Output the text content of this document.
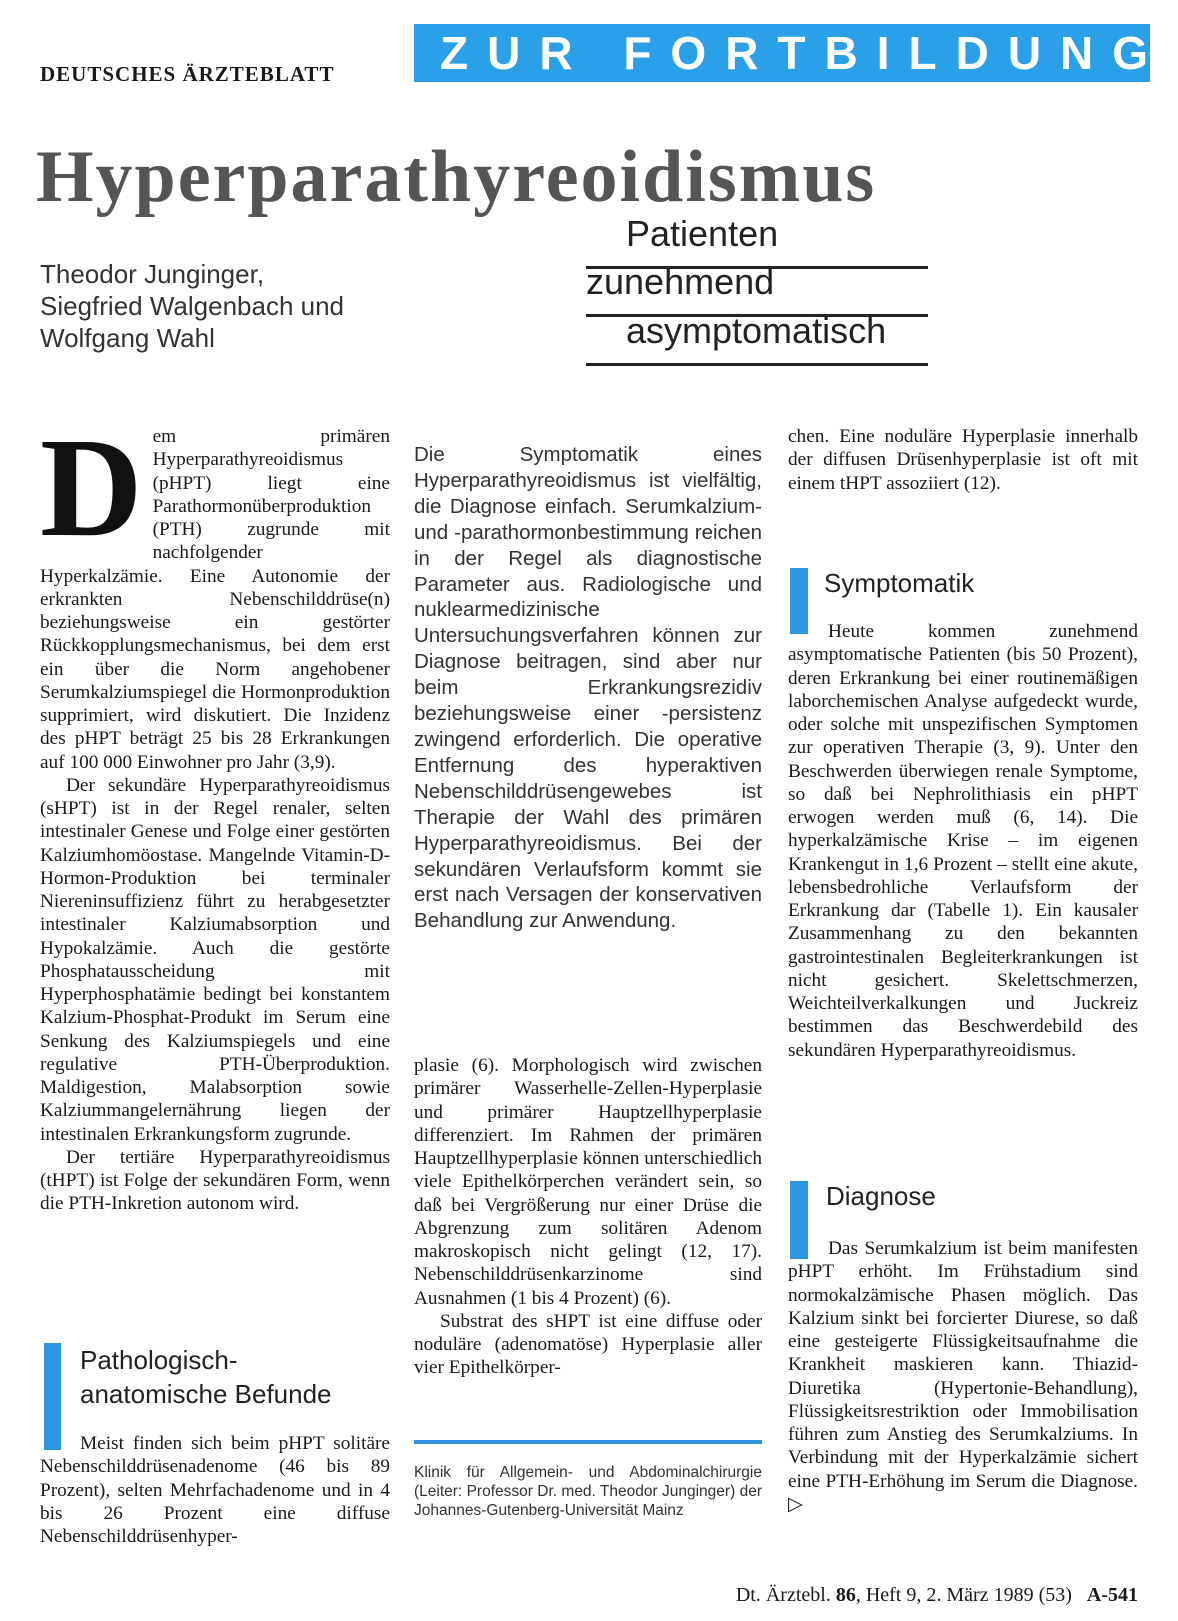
DEUTSCHES ÄRZTEBLATT ZUR FORTBILDUNG
Hyperparathyreoidismus
Theodor Junginger,
Siegfried Walgenbach und
Wolfgang Wahl
Patienten
zunehmend
asymptomatisch

Dem primären Hyperparathyreoidismus (pHPT) liegt eine Parathormonüberproduktion (PTH) zugrunde mit nachfolgender Hyperkalzämie. Eine Autonomie der erkrankten Nebenschilddrüse(n) beziehungsweise ein gestörter Rückkopplungsmechanismus, bei dem erst ein über die Norm angehobener Serumkalziumspiegel die Hormonproduktion supprimiert, wird diskutiert. Die Inzidenz des pHPT beträgt 25 bis 28 Erkrankungen auf 100 000 Einwohner pro Jahr (3,9).

Der sekundäre Hyperparathyreoidismus (sHPT) ist in der Regel renaler, selten intestinaler Genese und Folge einer gestörten Kalziumhomöostase. Mangelnde Vitamin-D-Hormon-Produktion bei terminaler Niereninsuffizienz führt zu herabgesetzter intestinaler Kalziumabsorption und Hypokalzämie. Auch die gestörte Phosphatausscheidung mit Hyperphosphatämie bedingt bei konstantem Kalzium-Phosphat-Produkt im Serum eine Senkung des Kalziumspiegels und eine regulative PTH-Überproduktion. Maldigestion, Malabsorption sowie Kalziummangelernährung liegen der intestinalen Erkrankungsform zugrunde.

Der tertiäre Hyperparathyreoidismus (tHPT) ist Folge der sekundären Form, wenn die PTH-Inkretion autonom wird.

Pathologisch-
anatomische Befunde
Meist finden sich beim pHPT solitäre Nebenschilddrüsenadenome (46 bis 89 Prozent), selten Mehrfachadenome und in 4 bis 26 Prozent eine diffuse Nebenschilddrüsenhyper-
Die Symptomatik eines Hyperparathyreoidismus ist vielfältig, die Diagnose einfach. Serumkalzium- und -parathormonbestimmung reichen in der Regel als diagnostische Parameter aus. Radiologische und nuklearmedizinische Untersuchungsverfahren können zur Diagnose beitragen, sind aber nur beim Erkrankungsrezidiv beziehungsweise einer -persistenz zwingend erforderlich. Die operative Entfernung des hyperaktiven Nebenschilddrüsengewebes ist Therapie der Wahl des primären Hyperparathyreoidismus. Bei der sekundären Verlaufsform kommt sie erst nach Versagen der konservativen Behandlung zur Anwendung.

plasie (6). Morphologisch wird zwischen primärer Wasserhelle-Zellen-Hyperplasie und primärer Hauptzellhyperplasie differenziert. Im Rahmen der primären Hauptzellhyperplasie können unterschiedlich viele Epithelkörperchen verändert sein, so daß bei Vergrößerung nur einer Drüse die Abgrenzung zum solitären Adenom makroskopisch nicht gelingt (12, 17). Nebenschilddrüsenkarzinome sind Ausnahmen (1 bis 4 Prozent) (6).

Substrat des sHPT ist eine diffuse oder noduläre (adenomatöse) Hyperplasie aller vier Epithelkörper-

Klinik für Allgemein- und Abdominalchirurgie (Leiter: Professor Dr. med. Theodor Junginger) der Johannes-Gutenberg-Universität Mainz
chen. Eine noduläre Hyperplasie innerhalb der diffusen Drüsenhyperplasie ist oft mit einem tHPT assoziiert (12).
Symptomatik
Heute kommen zunehmend asymptomatische Patienten (bis 50 Prozent), deren Erkrankung bei einer routinemäßigen laborchemischen Analyse aufgedeckt wurde, oder solche mit unspezifischen Symptomen zur operativen Therapie (3, 9). Unter den Beschwerden überwiegen renale Symptome, so daß bei Nephrolithiasis ein pHPT erwogen werden muß (6, 14). Die hyperkalzämische Krise – im eigenen Krankengut in 1,6 Prozent – stellt eine akute, lebensbedrohliche Verlaufsform der Erkrankung dar (Tabelle 1). Ein kausaler Zusammenhang zu den bekannten gastrointestinalen Begleiterkrankungen ist nicht gesichert. Skelettschmerzen, Weichteilverkalkungen und Juckreiz bestimmen das Beschwerdebild des sekundären Hyperparathyreoidismus.
Diagnose
Das Serumkalzium ist beim manifesten pHPT erhöht. Im Frühstadium sind normokalzämische Phasen möglich. Das Kalzium sinkt bei forcierter Diurese, so daß eine gesteigerte Flüssigkeitsaufnahme die Krankheit maskieren kann. Thiazid-Diuretika (Hypertonie-Behandlung), Flüssigkeitsrestriktion oder Immobilisation führen zum Anstieg des Serumkalziums. In Verbindung mit der Hyperkalzämie sichert eine PTH-Erhöhung im Serum die Diagnose. ▷
Dt. Ärztebl. 86, Heft 9, 2. März 1989 (53) A-541
